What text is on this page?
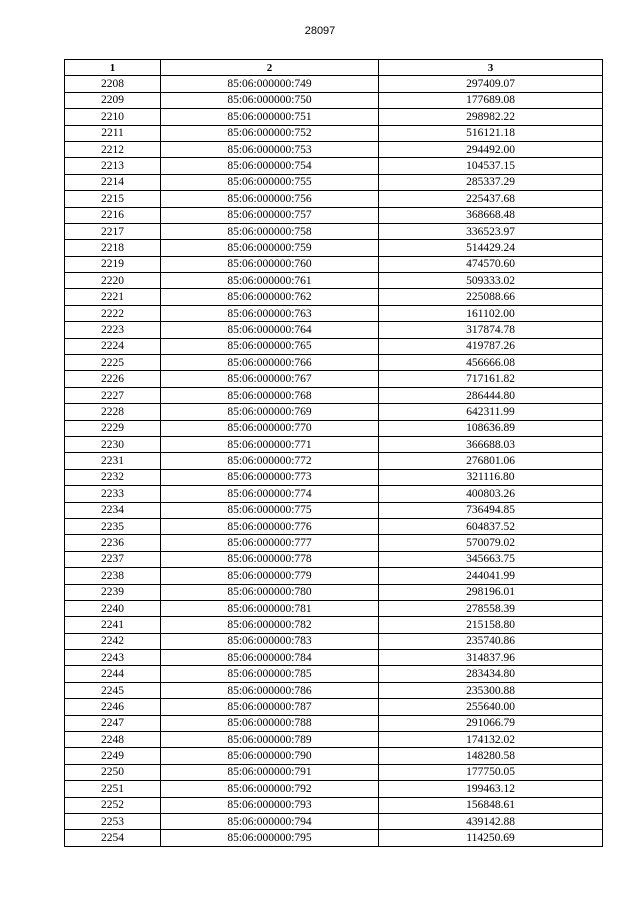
28097
1	2	3
2208	85:06:000000:749	297409.07
2209	85:06:000000:750	177689.08
2210	85:06:000000:751	298982.22
2211	85:06:000000:752	516121.18
2212	85:06:000000:753	294492.00
2213	85:06:000000:754	104537.15
2214	85:06:000000:755	285337.29
2215	85:06:000000:756	225437.68
2216	85:06:000000:757	368668.48
2217	85:06:000000:758	336523.97
2218	85:06:000000:759	514429.24
2219	85:06:000000:760	474570.60
2220	85:06:000000:761	509333.02
2221	85:06:000000:762	225088.66
2222	85:06:000000:763	161102.00
2223	85:06:000000:764	317874.78
2224	85:06:000000:765	419787.26
2225	85:06:000000:766	456666.08
2226	85:06:000000:767	717161.82
2227	85:06:000000:768	286444.80
2228	85:06:000000:769	642311.99
2229	85:06:000000:770	108636.89
2230	85:06:000000:771	366688.03
2231	85:06:000000:772	276801.06
2232	85:06:000000:773	321116.80
2233	85:06:000000:774	400803.26
2234	85:06:000000:775	736494.85
2235	85:06:000000:776	604837.52
2236	85:06:000000:777	570079.02
2237	85:06:000000:778	345663.75
2238	85:06:000000:779	244041.99
2239	85:06:000000:780	298196.01
2240	85:06:000000:781	278558.39
2241	85:06:000000:782	215158.80
2242	85:06:000000:783	235740.86
2243	85:06:000000:784	314837.96
2244	85:06:000000:785	283434.80
2245	85:06:000000:786	235300.88
2246	85:06:000000:787	255640.00
2247	85:06:000000:788	291066.79
2248	85:06:000000:789	174132.02
2249	85:06:000000:790	148280.58
2250	85:06:000000:791	177750.05
2251	85:06:000000:792	199463.12
2252	85:06:000000:793	156848.61
2253	85:06:000000:794	439142.88
2254	85:06:000000:795	114250.69
